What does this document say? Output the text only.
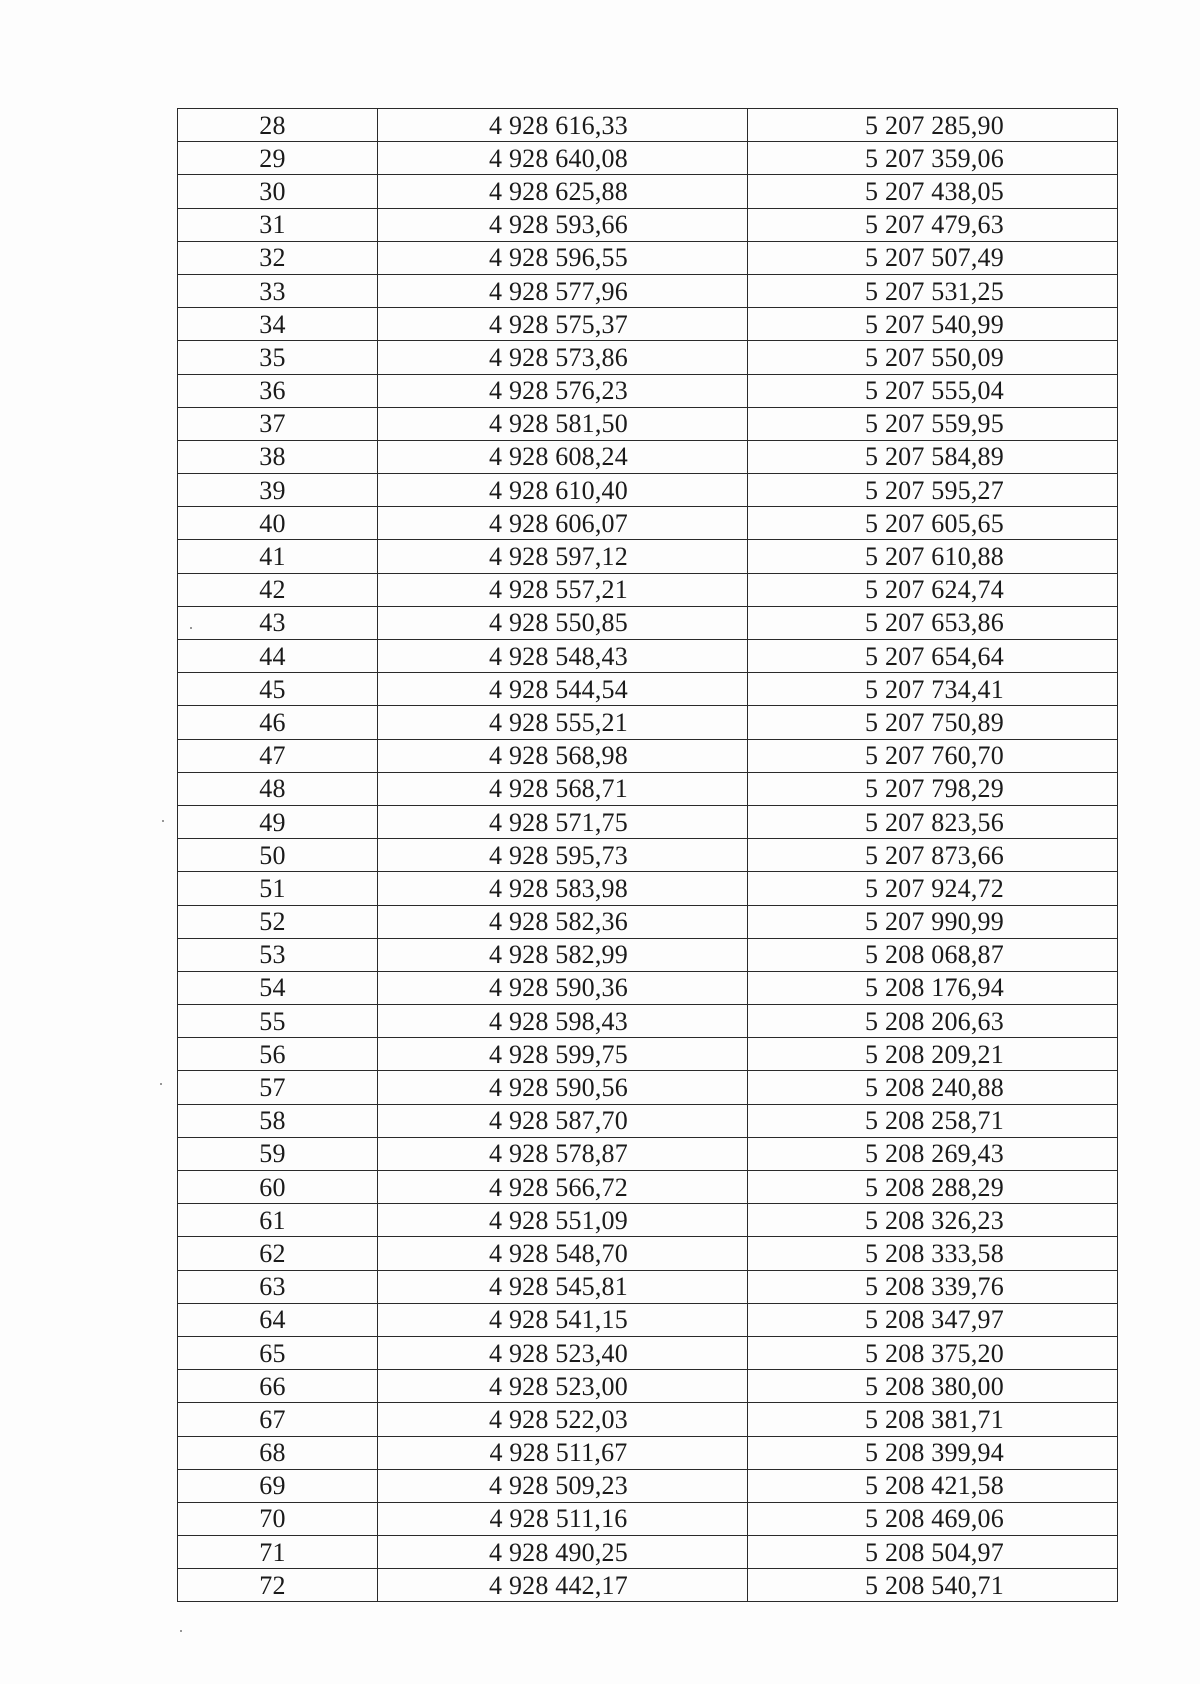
28	4 928 616,33	5 207 285,90
29	4 928 640,08	5 207 359,06
30	4 928 625,88	5 207 438,05
31	4 928 593,66	5 207 479,63
32	4 928 596,55	5 207 507,49
33	4 928 577,96	5 207 531,25
34	4 928 575,37	5 207 540,99
35	4 928 573,86	5 207 550,09
36	4 928 576,23	5 207 555,04
37	4 928 581,50	5 207 559,95
38	4 928 608,24	5 207 584,89
39	4 928 610,40	5 207 595,27
40	4 928 606,07	5 207 605,65
41	4 928 597,12	5 207 610,88
42	4 928 557,21	5 207 624,74
43	4 928 550,85	5 207 653,86
44	4 928 548,43	5 207 654,64
45	4 928 544,54	5 207 734,41
46	4 928 555,21	5 207 750,89
47	4 928 568,98	5 207 760,70
48	4 928 568,71	5 207 798,29
49	4 928 571,75	5 207 823,56
50	4 928 595,73	5 207 873,66
51	4 928 583,98	5 207 924,72
52	4 928 582,36	5 207 990,99
53	4 928 582,99	5 208 068,87
54	4 928 590,36	5 208 176,94
55	4 928 598,43	5 208 206,63
56	4 928 599,75	5 208 209,21
57	4 928 590,56	5 208 240,88
58	4 928 587,70	5 208 258,71
59	4 928 578,87	5 208 269,43
60	4 928 566,72	5 208 288,29
61	4 928 551,09	5 208 326,23
62	4 928 548,70	5 208 333,58
63	4 928 545,81	5 208 339,76
64	4 928 541,15	5 208 347,97
65	4 928 523,40	5 208 375,20
66	4 928 523,00	5 208 380,00
67	4 928 522,03	5 208 381,71
68	4 928 511,67	5 208 399,94
69	4 928 509,23	5 208 421,58
70	4 928 511,16	5 208 469,06
71	4 928 490,25	5 208 504,97
72	4 928 442,17	5 208 540,71
